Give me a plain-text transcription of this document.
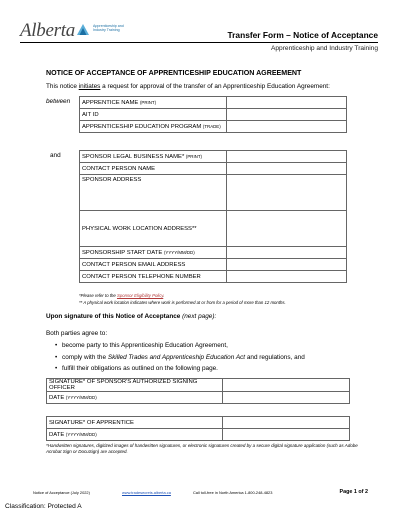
Alberta	Apprenticeship and Industry Training	Transfer Form – Notice of Acceptance
Apprenticeship and Industry Training
NOTICE OF ACCEPTANCE OF APPRENTICESHIP EDUCATION AGREEMENT
This notice initiates a request for approval of the transfer of an Apprenticeship Education Agreement:
between APPRENTICE NAME (PRINT)	
AIT ID	
APPRENTICESHIP EDUCATION PROGRAM (TRADE)	
and	SPONSOR LEGAL BUSINESS NAME* (PRINT)	
CONTACT PERSON NAME	
SPONSOR ADDRESS	
PHYSICAL WORK LOCATION ADDRESS**	
SPONSORSHIP START DATE (YYYY/MM/DD)	
CONTACT PERSON EMAIL ADDRESS	
CONTACT PERSON TELEPHONE NUMBER	
*Please refer to the Sponsor Eligibility Policy.
** A physical work location indicates where work is performed at or from for a period of more than 12 months.
Upon signature of this Notice of Acceptance (next page):
Both parties agree to:
• become party to this Apprenticeship Education Agreement,
• comply with the Skilled Trades and Apprenticeship Education Act and regulations, and
• fulfill their obligations as outlined on the following page.
SIGNATURE* OF SPONSOR'S AUTHORIZED SIGNING OFFICER	
DATE (YYYY/MM/DD)	
SIGNATURE* OF APPRENTICE	
DATE (YYYY/MM/DD)	
*Handwritten signatures, digitized images of handwritten signatures, or electronic signatures created by a secure digital signature application (such as Adobe Acrobat Sign or DocuSign) are accepted.
Notice of Acceptance (July 2022)	www.tradesecrets.alberta.ca	Call toll-free in North America 1-800-248-4823	Page 1 of 2
Classification: Protected A
